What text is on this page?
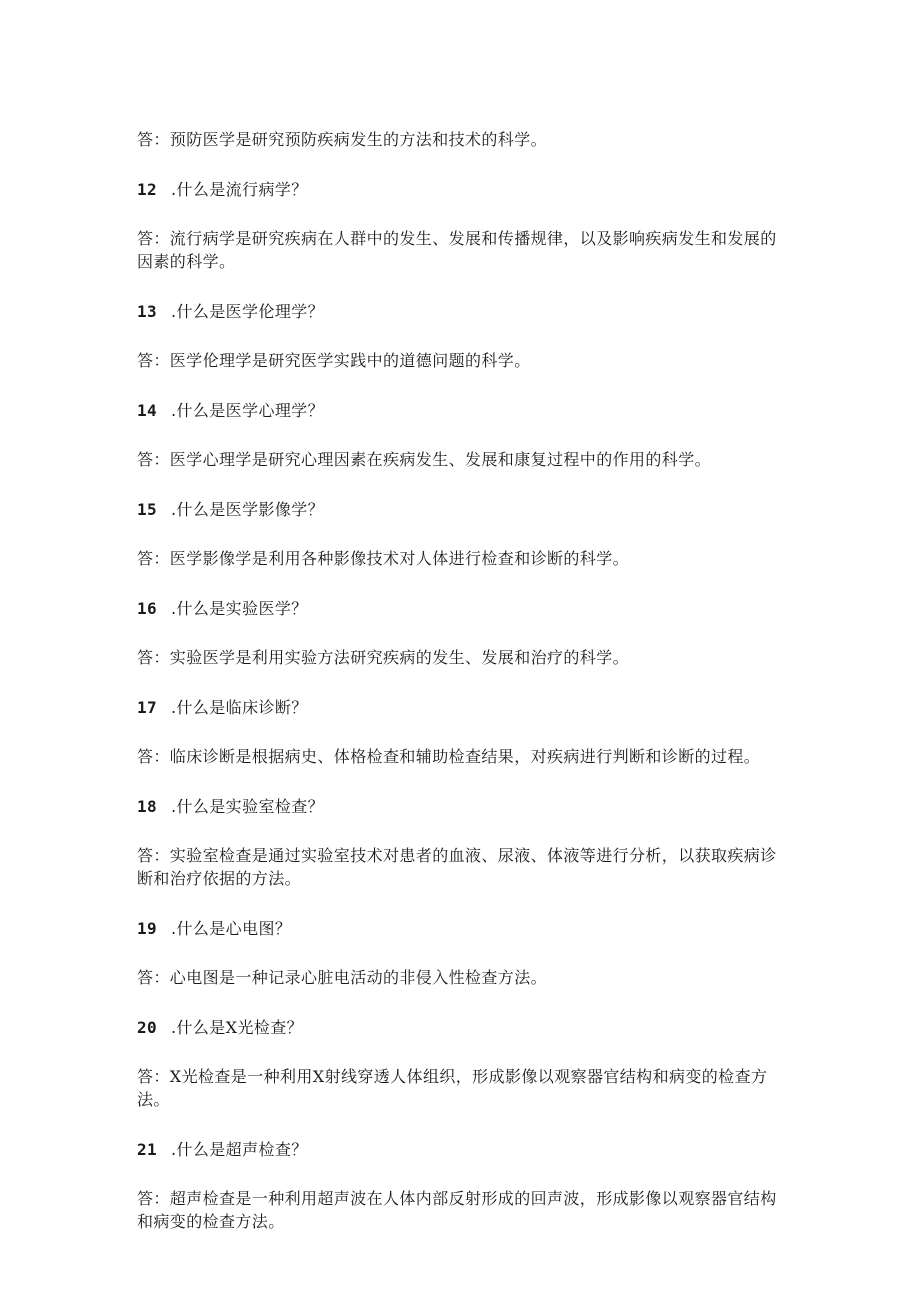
答：预防医学是研究预防疾病发生的方法和技术的科学。

12 .什么是流行病学？

答：流行病学是研究疾病在人群中的发生、发展和传播规律，以及影响疾病发生和发展的因素的科学。

13 .什么是医学伦理学？

答：医学伦理学是研究医学实践中的道德问题的科学。

14 .什么是医学心理学？

答：医学心理学是研究心理因素在疾病发生、发展和康复过程中的作用的科学。

15 .什么是医学影像学？

答：医学影像学是利用各种影像技术对人体进行检查和诊断的科学。

16 .什么是实验医学？

答：实验医学是利用实验方法研究疾病的发生、发展和治疗的科学。

17 .什么是临床诊断？

答：临床诊断是根据病史、体格检查和辅助检查结果，对疾病进行判断和诊断的过程。

18 .什么是实验室检查？

答：实验室检查是通过实验室技术对患者的血液、尿液、体液等进行分析，以获取疾病诊断和治疗依据的方法。

19 .什么是心电图？

答：心电图是一种记录心脏电活动的非侵入性检查方法。

20 .什么是X光检查？

答：X光检查是一种利用X射线穿透人体组织，形成影像以观察器官结构和病变的检查方法。

21 .什么是超声检查？

答：超声检查是一种利用超声波在人体内部反射形成的回声波，形成影像以观察器官结构和病变的检查方法。
